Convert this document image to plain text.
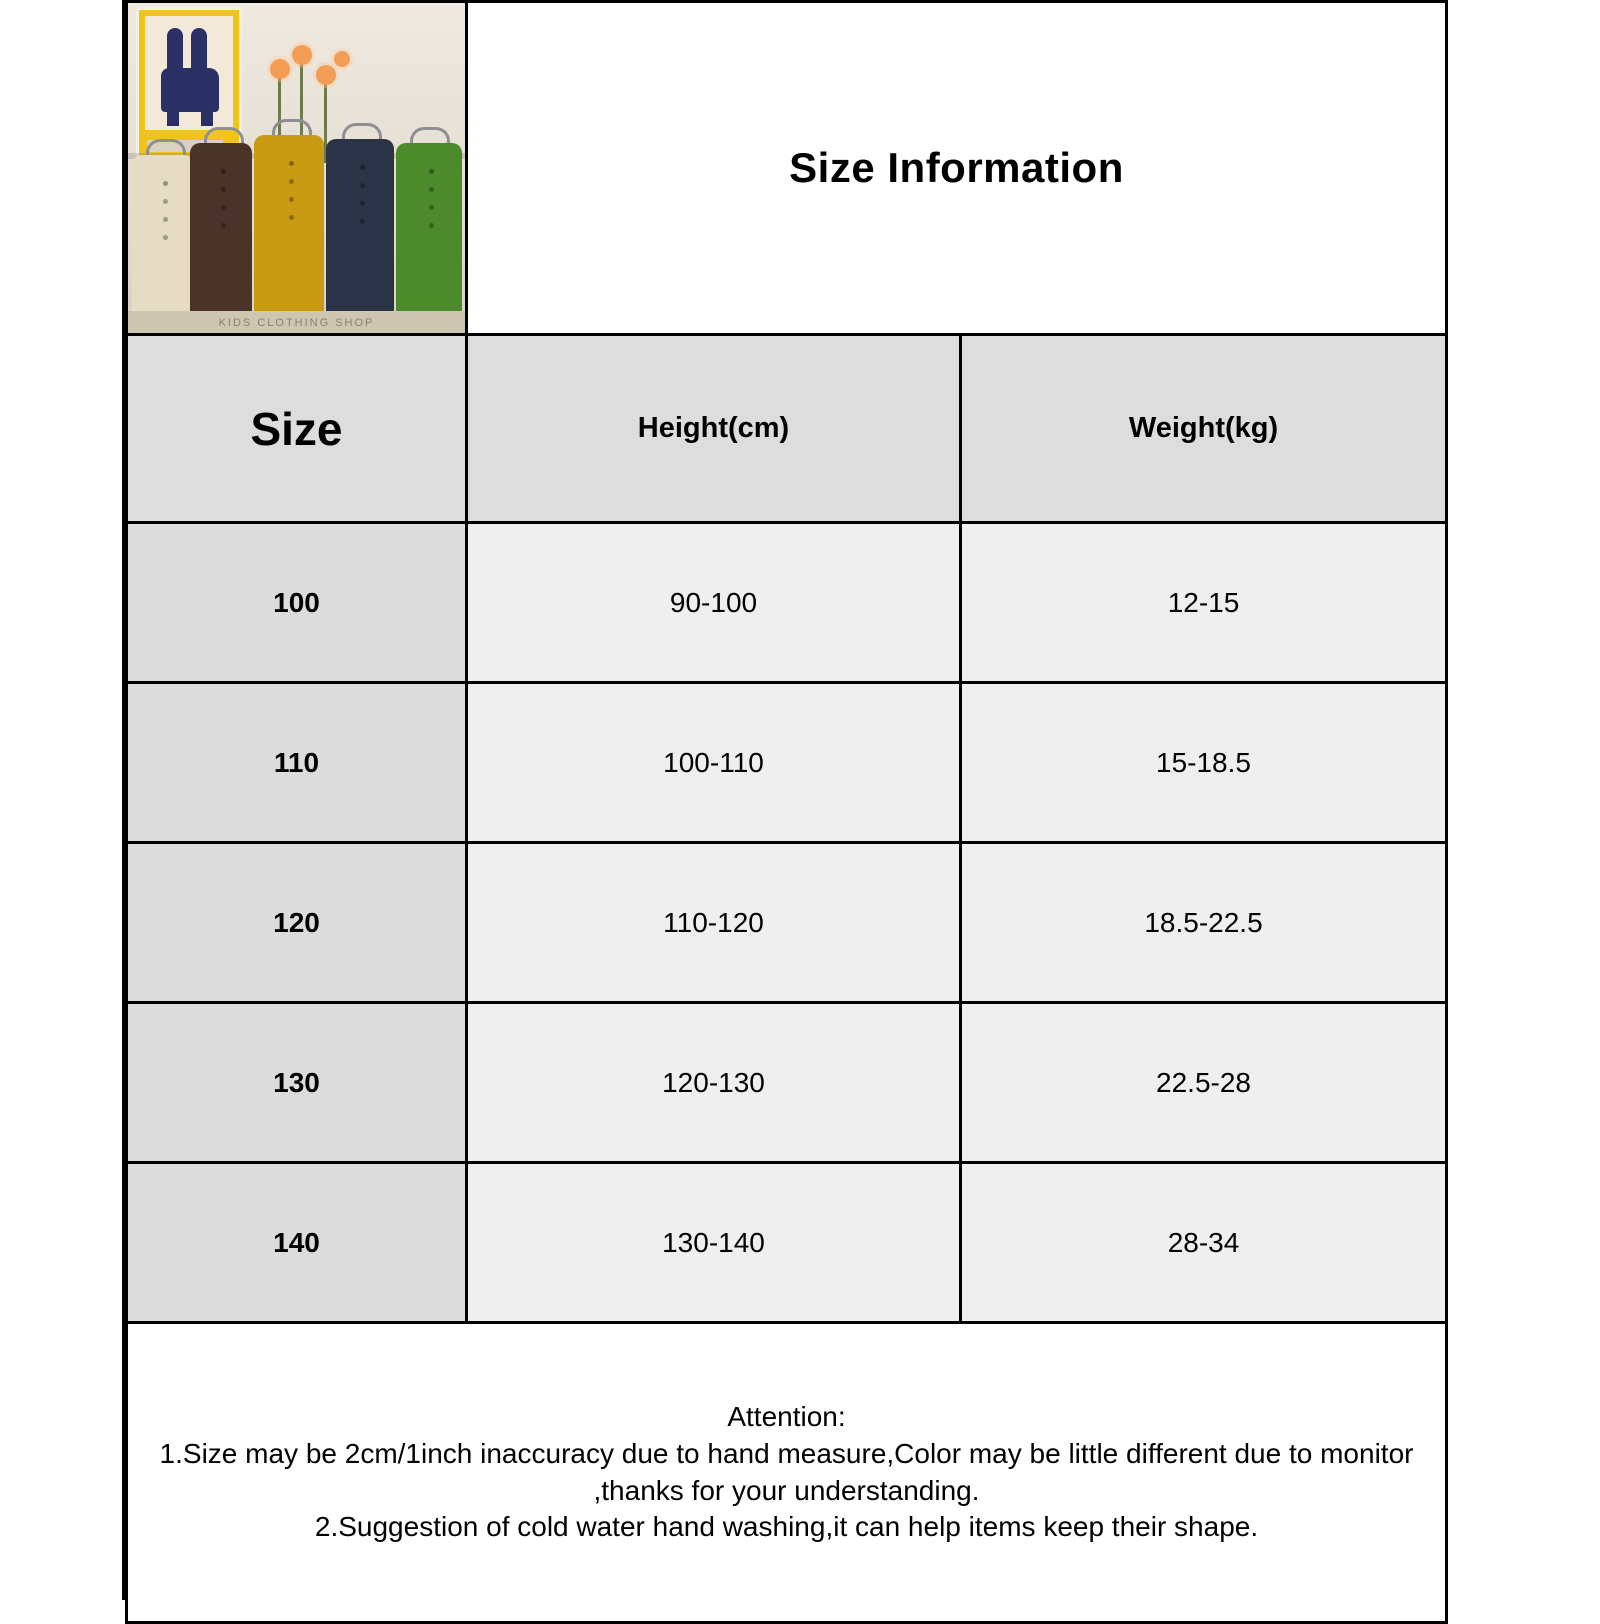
KIDS CLOTHING SHOP	Size Information	

Size	Height(cm)	Weight(kg)

100	90-100	12-15
110	100-110	15-18.5
120	110-120	18.5-22.5
130	120-130	22.5-28
140	130-140	28-34

Attention:
1.Size may be 2cm/1inch inaccuracy due to hand measure,Color may be little different due to monitor ,thanks for your understanding.
2.Suggestion of cold water hand washing,it can help items keep their shape.		
